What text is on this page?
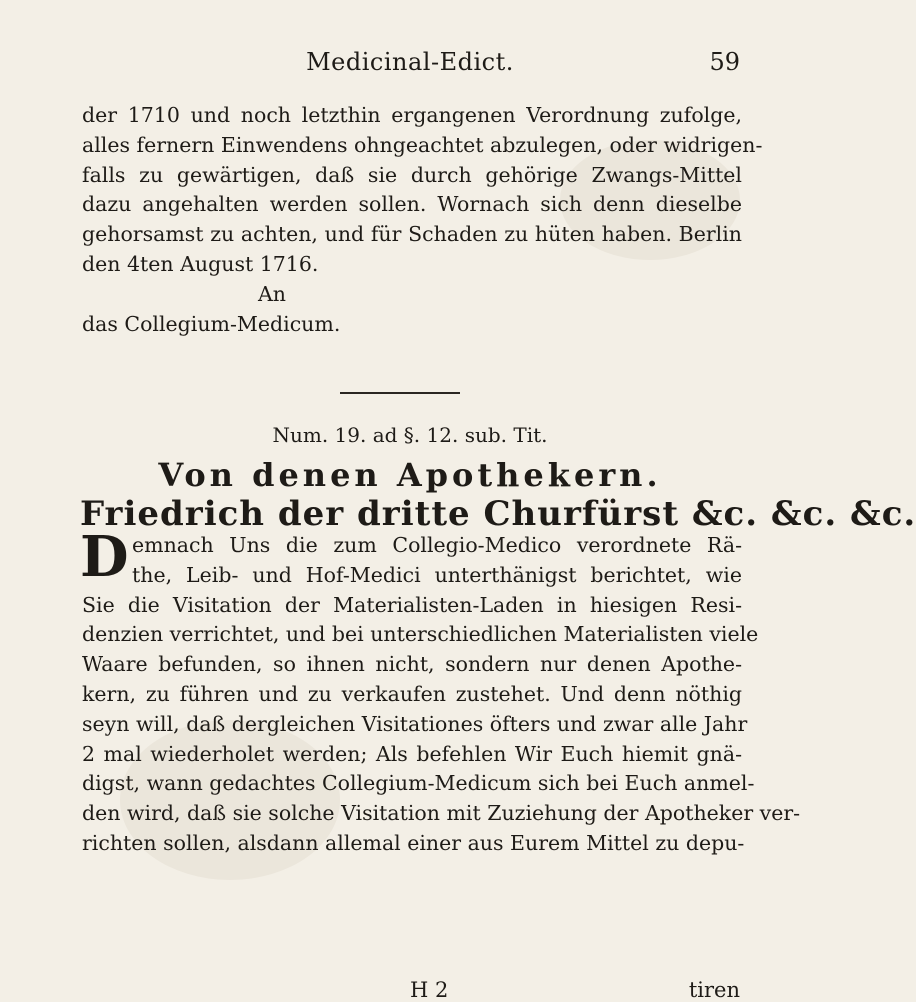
Medicinal-Edict.	59
der 1710 und noch letzthin ergangenen Verordnung zufolge,
alles fernern Einwendens ohngeachtet abzulegen, oder widrigen-
falls zu gewärtigen, daß sie durch gehörige Zwangs-Mittel
dazu angehalten werden sollen. Wornach sich denn dieselbe
gehorsamst zu achten, und für Schaden zu hüten haben. Berlin
den 4ten August 1716.
An
das Collegium-Medicum.
Num. 19. ad §. 12. sub. Tit.
Von denen Apothekern.
Friedrich der dritte Churfürst &c. &c. &c.
D emnach Uns die zum Collegio-Medico verordnete Rä-
the, Leib- und Hof-Medici unterthänigst berichtet, wie
Sie die Visitation der Materialisten-Laden in hiesigen Resi-
denzien verrichtet, und bei unterschiedlichen Materialisten viele
Waare befunden, so ihnen nicht, sondern nur denen Apothe-
kern, zu führen und zu verkaufen zustehet. Und denn nöthig
seyn will, daß dergleichen Visitationes öfters und zwar alle Jahr
2 mal wiederholet werden; Als befehlen Wir Euch hiemit gnä-
digst, wann gedachtes Collegium-Medicum sich bei Euch anmel-
den wird, daß sie solche Visitation mit Zuziehung der Apotheker ver-
richten sollen, alsdann allemal einer aus Eurem Mittel zu depu-
H 2	tiren
